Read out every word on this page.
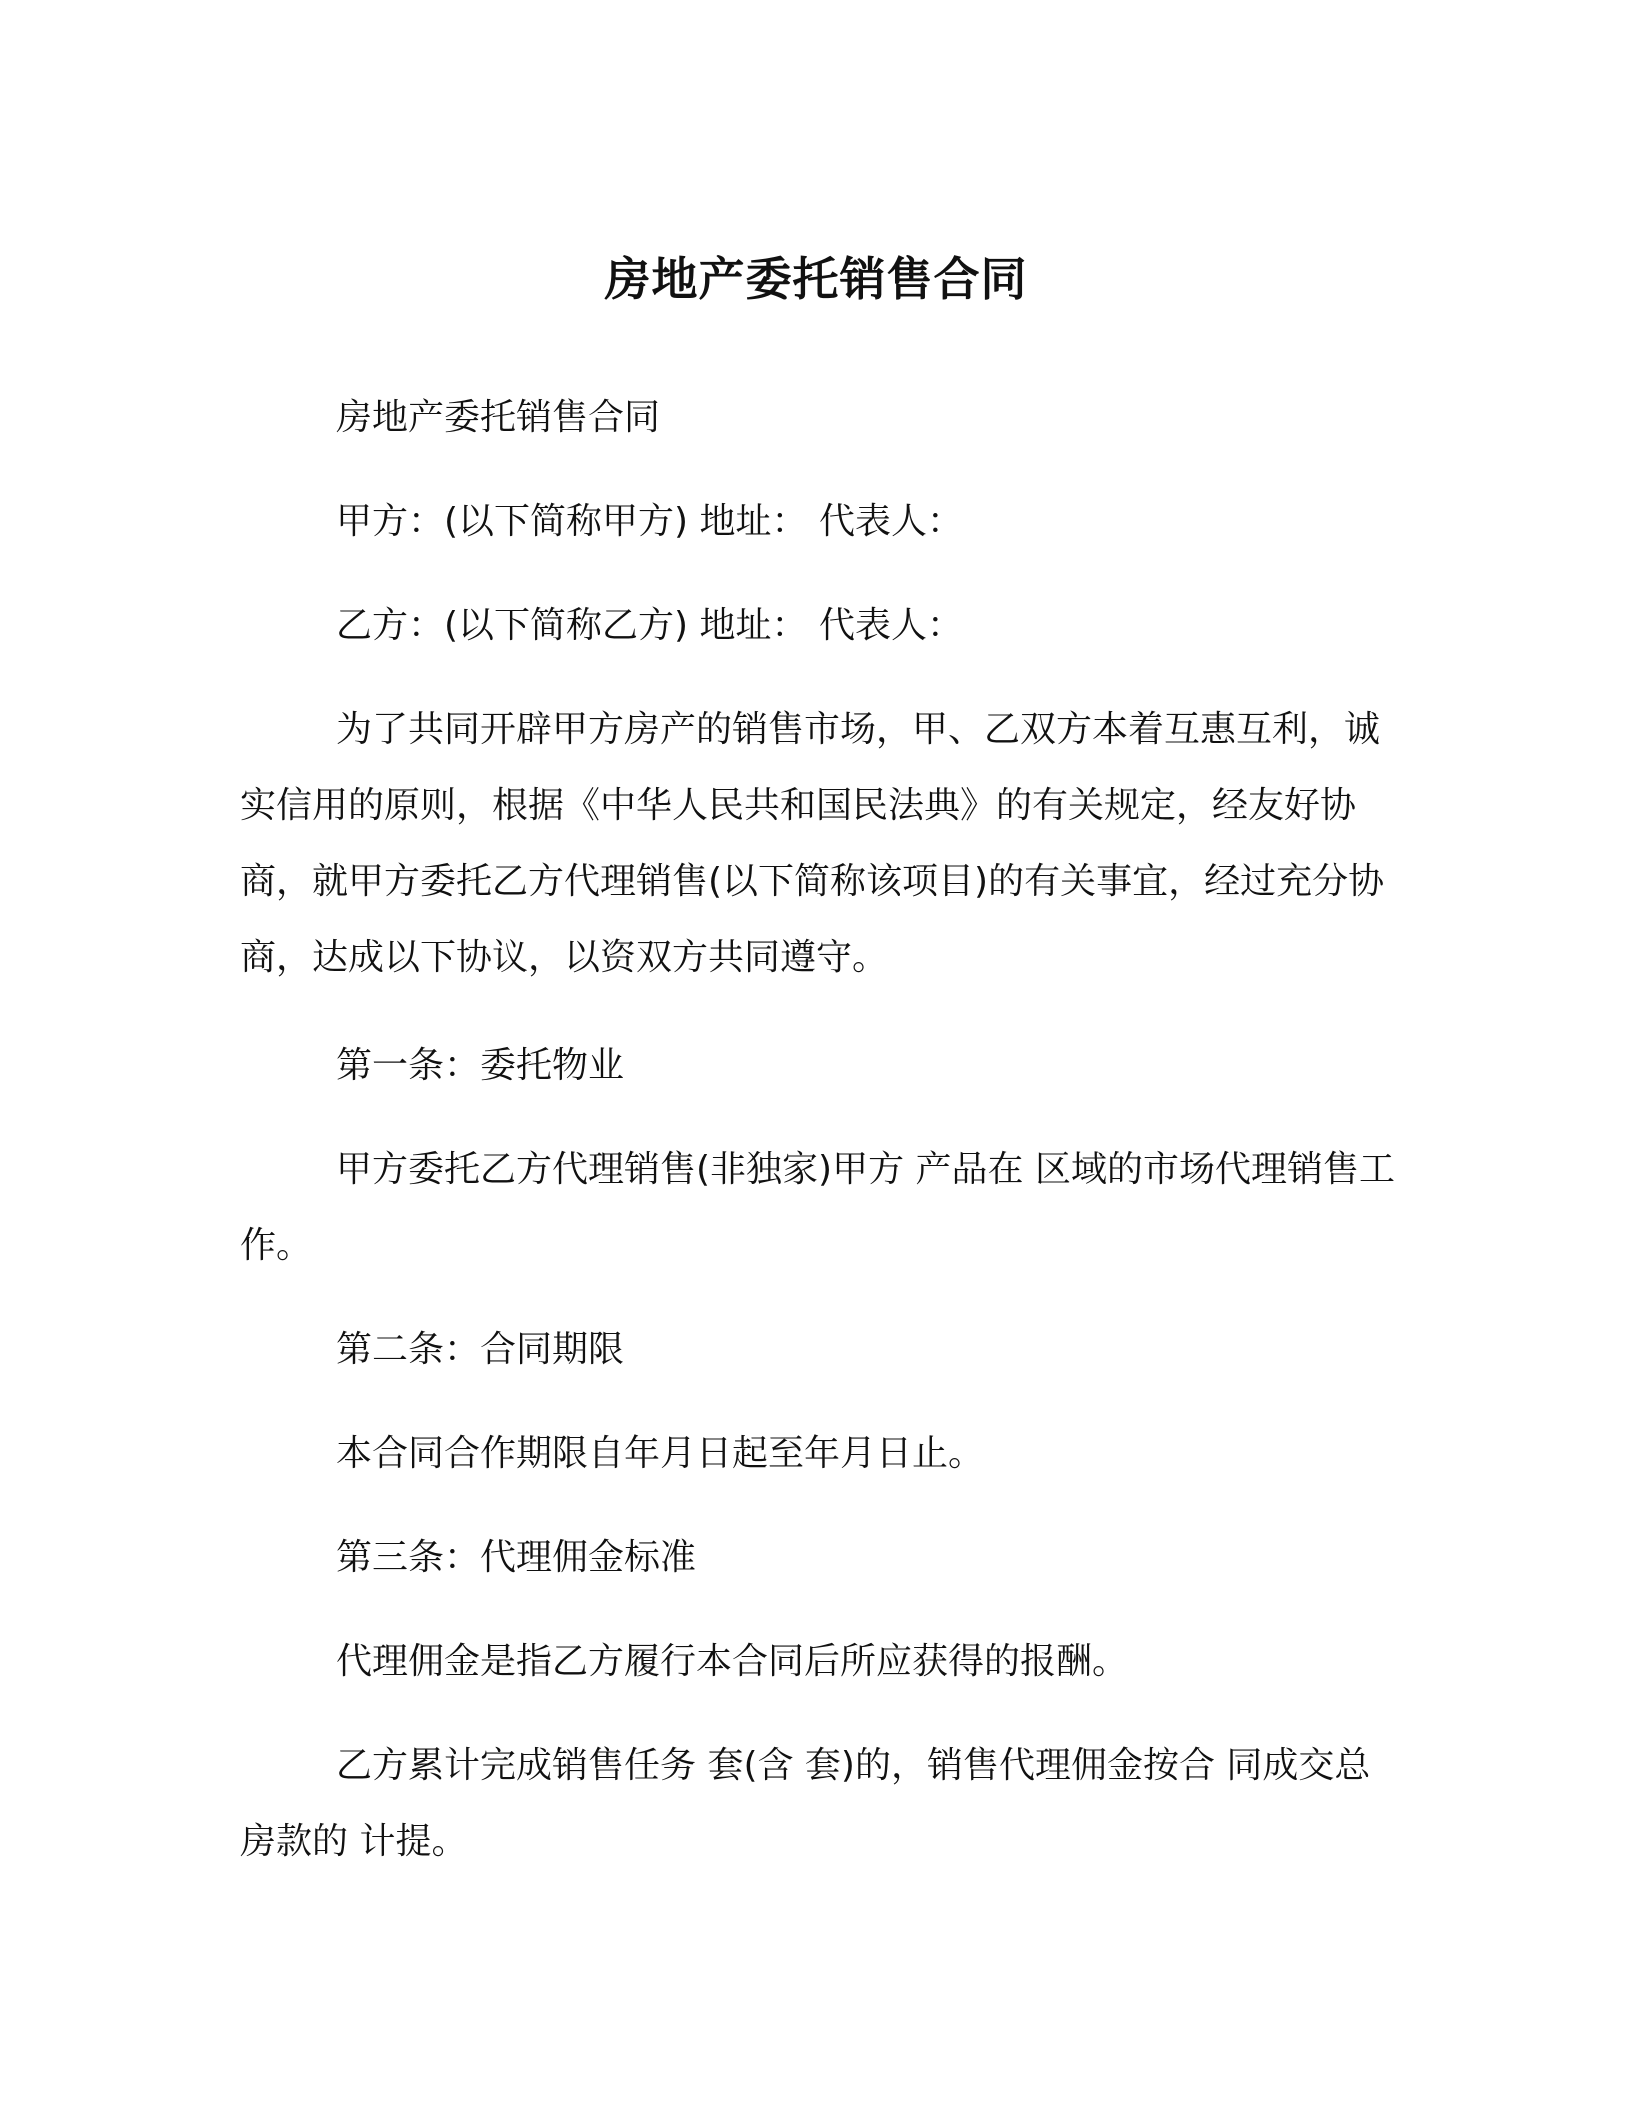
房地产委托销售合同

房地产委托销售合同

甲方：(以下简称甲方) 地址： 代表人：

乙方：(以下简称乙方) 地址： 代表人：

为了共同开辟甲方房产的销售市场，甲、乙双方本着互惠互利，诚实信用的原则，根据《中华人民共和国民法典》的有关规定，经友好协商，就甲方委托乙方代理销售(以下简称该项目)的有关事宜，经过充分协商，达成以下协议，以资双方共同遵守。

第一条：委托物业

甲方委托乙方代理销售(非独家)甲方 产品在 区域的市场代理销售工作。

第二条：合同期限

本合同合作期限自年月日起至年月日止。

第三条：代理佣金标准

代理佣金是指乙方履行本合同后所应获得的报酬。

乙方累计完成销售任务 套(含 套)的，销售代理佣金按合 同成交总房款的 计提。
